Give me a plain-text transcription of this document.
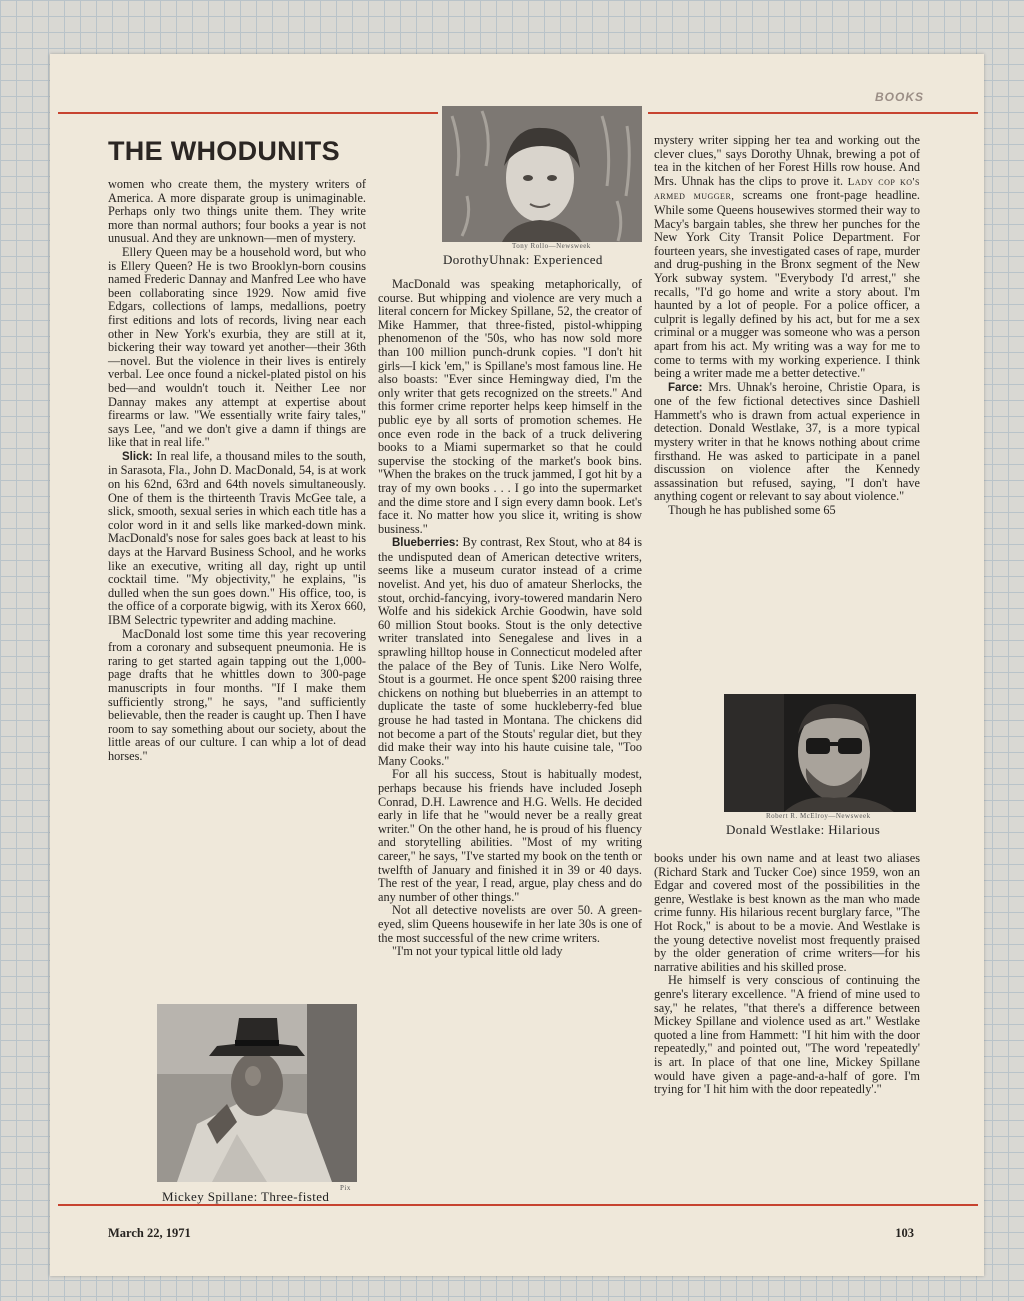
BOOKS
THE WHODUNITS

women who create them, the mystery writers of America. A more disparate group is unimaginable. Perhaps only two things unite them. They write more than normal authors; four books a year is not unusual. And they are unknown—men of mystery.

Ellery Queen may be a household word, but who is Ellery Queen? He is two Brooklyn-born cousins named Frederic Dannay and Manfred Lee who have been collaborating since 1929. Now amid five Edgars, collections of lamps, medallions, poetry first editions and lots of records, living near each other in New York's exurbia, they are still at it, bickering their way toward yet another—their 36th—novel. But the violence in their lives is entirely verbal. Lee once found a nickel-plated pistol on his bed—and wouldn't touch it. Neither Lee nor Dannay makes any attempt at expertise about firearms or law. "We essentially write fairy tales," says Lee, "and we don't give a damn if things are like that in real life."

Slick: In real life, a thousand miles to the south, in Sarasota, Fla., John D. MacDonald, 54, is at work on his 62nd, 63rd and 64th novels simultaneously. One of them is the thirteenth Travis McGee tale, a slick, smooth, sexual series in which each title has a color word in it and sells like marked-down mink. MacDonald's nose for sales goes back at least to his days at the Harvard Business School, and he works like an executive, writing all day, right up until cocktail time. "My objectivity," he explains, "is dulled when the sun goes down." His office, too, is the office of a corporate bigwig, with its Xerox 660, IBM Selectric typewriter and adding machine.

MacDonald lost some time this year recovering from a coronary and subsequent pneumonia. He is raring to get started again tapping out the 1,000-page drafts that he whittles down to 300-page manuscripts in four months. "If I make them sufficiently strong," he says, "and sufficiently believable, then the reader is caught up. Then I have room to say something about our society, about the little areas of our culture. I can whip a lot of dead horses."

Pix
Mickey Spillane: Three-fisted
Tony Rollo—Newsweek
DorothyUhnak: Experienced

MacDonald was speaking metaphorically, of course. But whipping and violence are very much a literal concern for Mickey Spillane, 52, the creator of Mike Hammer, that three-fisted, pistol-whipping phenomenon of the '50s, who has now sold more than 100 million punch-drunk copies. "I don't hit girls—I kick 'em," is Spillane's most famous line. He also boasts: "Ever since Hemingway died, I'm the only writer that gets recognized on the streets." And this former crime reporter helps keep himself in the public eye by all sorts of promotion schemes. He once even rode in the back of a truck delivering books to a Miami supermarket so that he could supervise the stocking of the market's book bins. "When the brakes on the truck jammed, I got hit by a tray of my own books . . . I go into the supermarket and the dime store and I sign every damn book. Let's face it. No matter how you slice it, writing is show business."

Blueberries: By contrast, Rex Stout, who at 84 is the undisputed dean of American detective writers, seems like a museum curator instead of a crime novelist. And yet, his duo of amateur Sherlocks, the stout, orchid-fancying, ivory-towered mandarin Nero Wolfe and his sidekick Archie Goodwin, have sold 60 million Stout books. Stout is the only detective writer translated into Senegalese and lives in a sprawling hilltop house in Connecticut modeled after the palace of the Bey of Tunis. Like Nero Wolfe, Stout is a gourmet. He once spent $200 raising three chickens on nothing but blueberries in an attempt to duplicate the taste of some huckleberry-fed blue grouse he had tasted in Montana. The chickens did not become a part of the Stouts' regular diet, but they did make their way into his haute cuisine tale, "Too Many Cooks."

For all his success, Stout is habitually modest, perhaps because his friends have included Joseph Conrad, D.H. Lawrence and H.G. Wells. He decided early in life that he "would never be a really great writer." On the other hand, he is proud of his fluency and storytelling abilities. "Most of my writing career," he says, "I've started my book on the tenth or twelfth of January and finished it in 39 or 40 days. The rest of the year, I read, argue, play chess and do any number of other things."

Not all detective novelists are over 50. A green-eyed, slim Queens housewife in her late 30s is one of the most successful of the new crime writers.

"I'm not your typical little old lady

mystery writer sipping her tea and working out the clever clues," says Dorothy Uhnak, brewing a pot of tea in the kitchen of her Forest Hills row house. And Mrs. Uhnak has the clips to prove it. Lady cop ko's armed mugger, screams one front-page headline. While some Queens housewives stormed their way to Macy's bargain tables, she threw her punches for the New York City Transit Police Department. For fourteen years, she investigated cases of rape, murder and drug-pushing in the Bronx segment of the New York subway system. "Everybody I'd arrest," she recalls, "I'd go home and write a story about. I'm haunted by a lot of people. For a police officer, a culprit is legally defined by his act, but for me a sex criminal or a mugger was someone who was a person apart from his act. My writing was a way for me to come to terms with my working experience. I think being a writer made me a better detective."

Farce: Mrs. Uhnak's heroine, Christie Opara, is one of the few fictional detectives since Dashiell Hammett's who is drawn from actual experience in detection. Donald Westlake, 37, is a more typical mystery writer in that he knows nothing about crime firsthand. He was asked to participate in a panel discussion on violence after the Kennedy assassination but refused, saying, "I don't have anything cogent or relevant to say about violence."

Though he has published some 65

Robert R. McElroy—Newsweek
Donald Westlake: Hilarious

books under his own name and at least two aliases (Richard Stark and Tucker Coe) since 1959, won an Edgar and covered most of the possibilities in the genre, Westlake is best known as the man who made crime funny. His hilarious recent burglary farce, "The Hot Rock," is about to be a movie. And Westlake is the young detective novelist most frequently praised by the older generation of crime writers—for his narrative abilities and his skilled prose.

He himself is very conscious of continuing the genre's literary excellence. "A friend of mine used to say," he relates, "that there's a difference between Mickey Spillane and violence used as art." Westlake quoted a line from Hammett: "I hit him with the door repeatedly," and pointed out, "The word 'repeatedly' is art. In place of that one line, Mickey Spillane would have given a page-and-a-half of gore. I'm trying for 'I hit him with the door repeatedly'."

March 22, 1971	103
